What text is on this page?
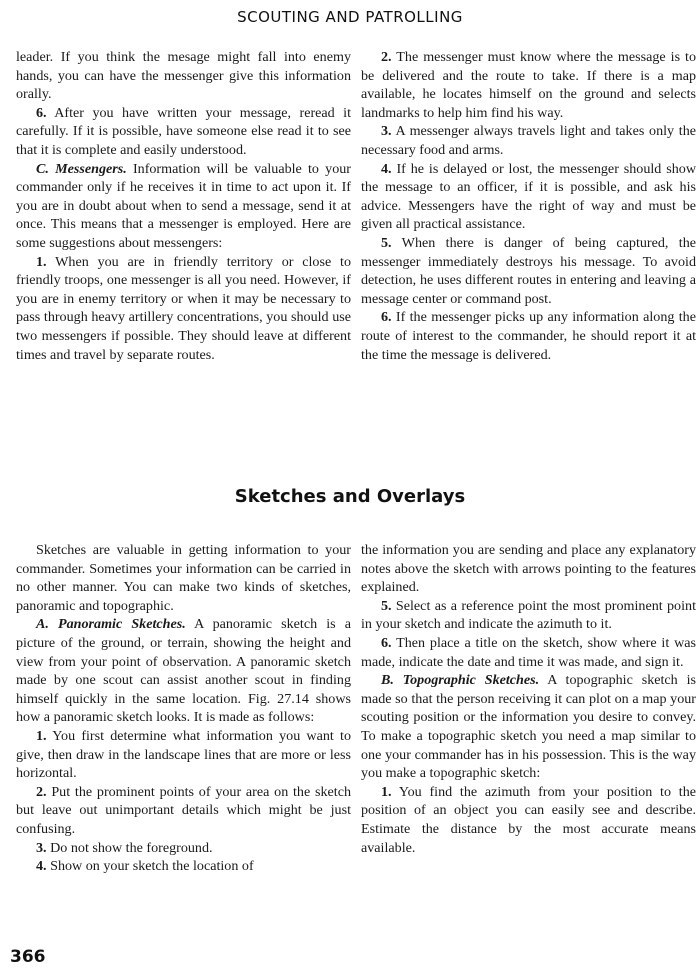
SCOUTING AND PATROLLING

leader. If you think the mesage might fall into enemy hands, you can have the messenger give this information orally.

6. After you have written your message, reread it carefully. If it is possible, have someone else read it to see that it is complete and easily understood.

C. Messengers. Information will be valuable to your commander only if he receives it in time to act upon it. If you are in doubt about when to send a message, send it at once. This means that a messenger is employed. Here are some suggestions about messengers:

1. When you are in friendly territory or close to friendly troops, one messenger is all you need. However, if you are in enemy territory or when it may be necessary to pass through heavy artillery concentrations, you should use two messengers if possible. They should leave at different times and travel by separate routes.

2. The messenger must know where the message is to be delivered and the route to take. If there is a map available, he locates himself on the ground and selects landmarks to help him find his way.

3. A messenger always travels light and takes only the necessary food and arms.

4. If he is delayed or lost, the messenger should show the message to an officer, if it is possible, and ask his advice. Messengers have the right of way and must be given all practical assistance.

5. When there is danger of being captured, the messenger immediately destroys his message. To avoid detection, he uses different routes in entering and leaving a message center or command post.

6. If the messenger picks up any information along the route of interest to the commander, he should report it at the time the message is delivered.

Sketches and Overlays

Sketches are valuable in getting information to your commander. Sometimes your information can be carried in no other manner. You can make two kinds of sketches, panoramic and topographic.

A. Panoramic Sketches. A panoramic sketch is a picture of the ground, or terrain, showing the height and view from your point of observation. A panoramic sketch made by one scout can assist another scout in finding himself quickly in the same location. Fig. 27.14 shows how a panoramic sketch looks. It is made as follows:

1. You first determine what information you want to give, then draw in the landscape lines that are more or less horizontal.

2. Put the prominent points of your area on the sketch but leave out unimportant details which might be just confusing.

3. Do not show the foreground.

4. Show on your sketch the location of

the information you are sending and place any explanatory notes above the sketch with arrows pointing to the features explained.

5. Select as a reference point the most prominent point in your sketch and indicate the azimuth to it.

6. Then place a title on the sketch, show where it was made, indicate the date and time it was made, and sign it.

B. Topographic Sketches. A topographic sketch is made so that the person receiving it can plot on a map your scouting position or the information you desire to convey. To make a topographic sketch you need a map similar to one your commander has in his possession. This is the way you make a topographic sketch:

1. You find the azimuth from your position to the position of an object you can easily see and describe. Estimate the distance by the most accurate means available.

366
